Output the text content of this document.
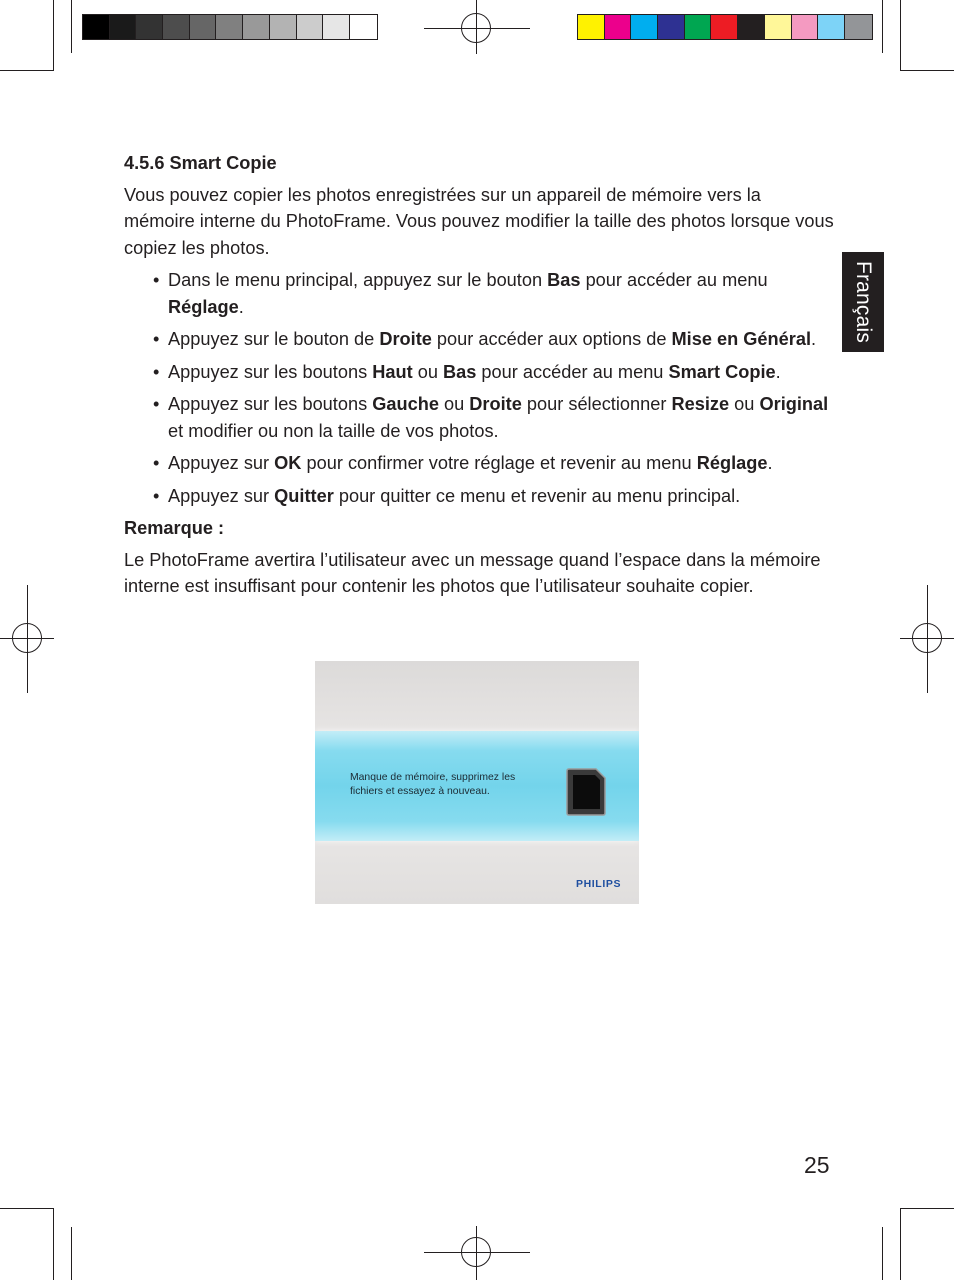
Français
4.5.6 Smart Copie
Vous pouvez copier les photos enregistrées sur un appareil de mémoire vers la mémoire interne du PhotoFrame. Vous pouvez modifier la taille des photos lorsque vous copiez les photos.
• Dans le menu principal, appuyez sur le bouton Bas pour accéder au menu Réglage.
• Appuyez sur le bouton de Droite pour accéder aux options de Mise en Général.
• Appuyez sur les boutons Haut ou Bas pour accéder au menu Smart Copie.
• Appuyez sur les boutons Gauche ou Droite pour sélectionner Resize ou Original et modifier ou non la taille de vos photos.
• Appuyez sur OK pour confirmer votre réglage et revenir au menu Réglage.
• Appuyez sur Quitter pour quitter ce menu et revenir au menu principal.
Remarque :
Le PhotoFrame avertira l’utilisateur avec un message quand l’espace dans la mémoire interne est insuffisant pour contenir les photos que l’utilisateur souhaite copier.
Manque de mémoire, supprimez les
fichiers et essayez à nouveau.
PHILIPS
25
